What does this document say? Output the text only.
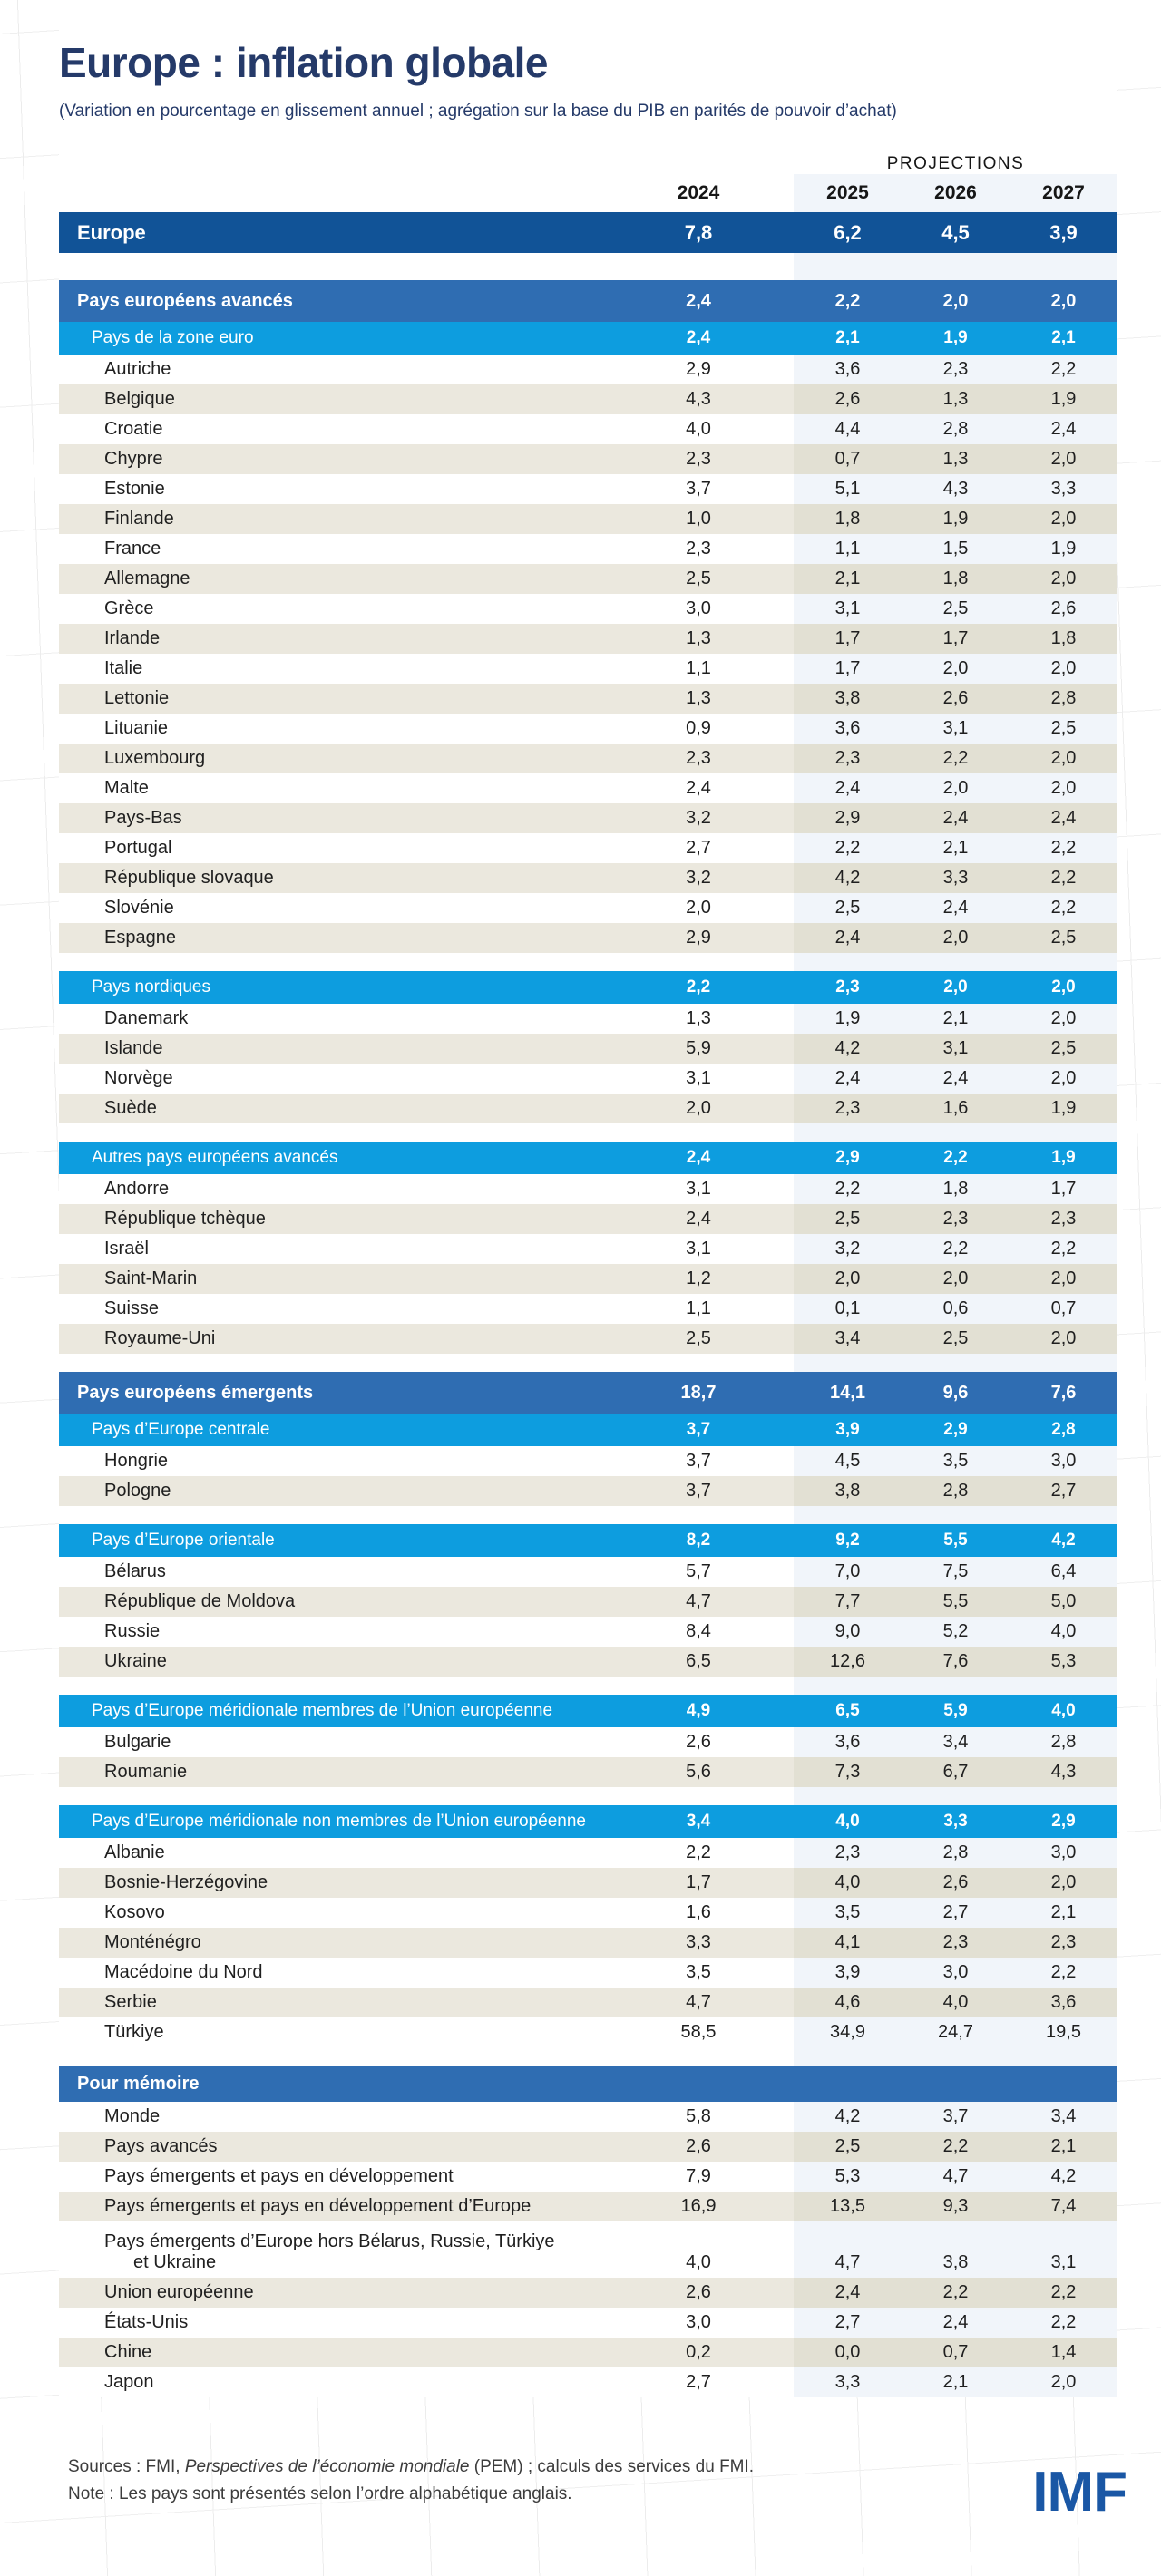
Europe : inflation globale
(Variation en pourcentage en glissement annuel ; agrégation sur la base du PIB en parités de pouvoir d’achat)
PROJECTIONS
2024	2025	2026	2027
Europe	7,8	6,2	4,5	3,9
Pays européens avancés	2,4	2,2	2,0	2,0
Pays de la zone euro	2,4	2,1	1,9	2,1
Autriche	2,9	3,6	2,3	2,2
Belgique	4,3	2,6	1,3	1,9
Croatie	4,0	4,4	2,8	2,4
Chypre	2,3	0,7	1,3	2,0
Estonie	3,7	5,1	4,3	3,3
Finlande	1,0	1,8	1,9	2,0
France	2,3	1,1	1,5	1,9
Allemagne	2,5	2,1	1,8	2,0
Grèce	3,0	3,1	2,5	2,6
Irlande	1,3	1,7	1,7	1,8
Italie	1,1	1,7	2,0	2,0
Lettonie	1,3	3,8	2,6	2,8
Lituanie	0,9	3,6	3,1	2,5
Luxembourg	2,3	2,3	2,2	2,0
Malte	2,4	2,4	2,0	2,0
Pays-Bas	3,2	2,9	2,4	2,4
Portugal	2,7	2,2	2,1	2,2
République slovaque	3,2	4,2	3,3	2,2
Slovénie	2,0	2,5	2,4	2,2
Espagne	2,9	2,4	2,0	2,5
Pays nordiques	2,2	2,3	2,0	2,0
Danemark	1,3	1,9	2,1	2,0
Islande	5,9	4,2	3,1	2,5
Norvège	3,1	2,4	2,4	2,0
Suède	2,0	2,3	1,6	1,9
Autres pays européens avancés	2,4	2,9	2,2	1,9
Andorre	3,1	2,2	1,8	1,7
République tchèque	2,4	2,5	2,3	2,3
Israël	3,1	3,2	2,2	2,2
Saint-Marin	1,2	2,0	2,0	2,0
Suisse	1,1	0,1	0,6	0,7
Royaume-Uni	2,5	3,4	2,5	2,0
Pays européens émergents	18,7	14,1	9,6	7,6
Pays d’Europe centrale	3,7	3,9	2,9	2,8
Hongrie	3,7	4,5	3,5	3,0
Pologne	3,7	3,8	2,8	2,7
Pays d’Europe orientale	8,2	9,2	5,5	4,2
Bélarus	5,7	7,0	7,5	6,4
République de Moldova	4,7	7,7	5,5	5,0
Russie	8,4	9,0	5,2	4,0
Ukraine	6,5	12,6	7,6	5,3
Pays d’Europe méridionale membres de l’Union européenne	4,9	6,5	5,9	4,0
Bulgarie	2,6	3,6	3,4	2,8
Roumanie	5,6	7,3	6,7	4,3
Pays d’Europe méridionale non membres de l’Union européenne	3,4	4,0	3,3	2,9
Albanie	2,2	2,3	2,8	3,0
Bosnie-Herzégovine	1,7	4,0	2,6	2,0
Kosovo	1,6	3,5	2,7	2,1
Monténégro	3,3	4,1	2,3	2,3
Macédoine du Nord	3,5	3,9	3,0	2,2
Serbie	4,7	4,6	4,0	3,6
Türkiye	58,5	34,9	24,7	19,5
Pour mémoire
Monde	5,8	4,2	3,7	3,4
Pays avancés	2,6	2,5	2,2	2,1
Pays émergents et pays en développement	7,9	5,3	4,7	4,2
Pays émergents et pays en développement d’Europe	16,9	13,5	9,3	7,4
Pays émergents d’Europe hors Bélarus, Russie, Türkiye
et Ukraine	4,0	4,7	3,8	3,1
Union européenne	2,6	2,4	2,2	2,2
États-Unis	3,0	2,7	2,4	2,2
Chine	0,2	0,0	0,7	1,4
Japon	2,7	3,3	2,1	2,0
Sources : FMI, Perspectives de l’économie mondiale (PEM) ; calculs des services du FMI.
Note : Les pays sont présentés selon l’ordre alphabétique anglais.	IMF
